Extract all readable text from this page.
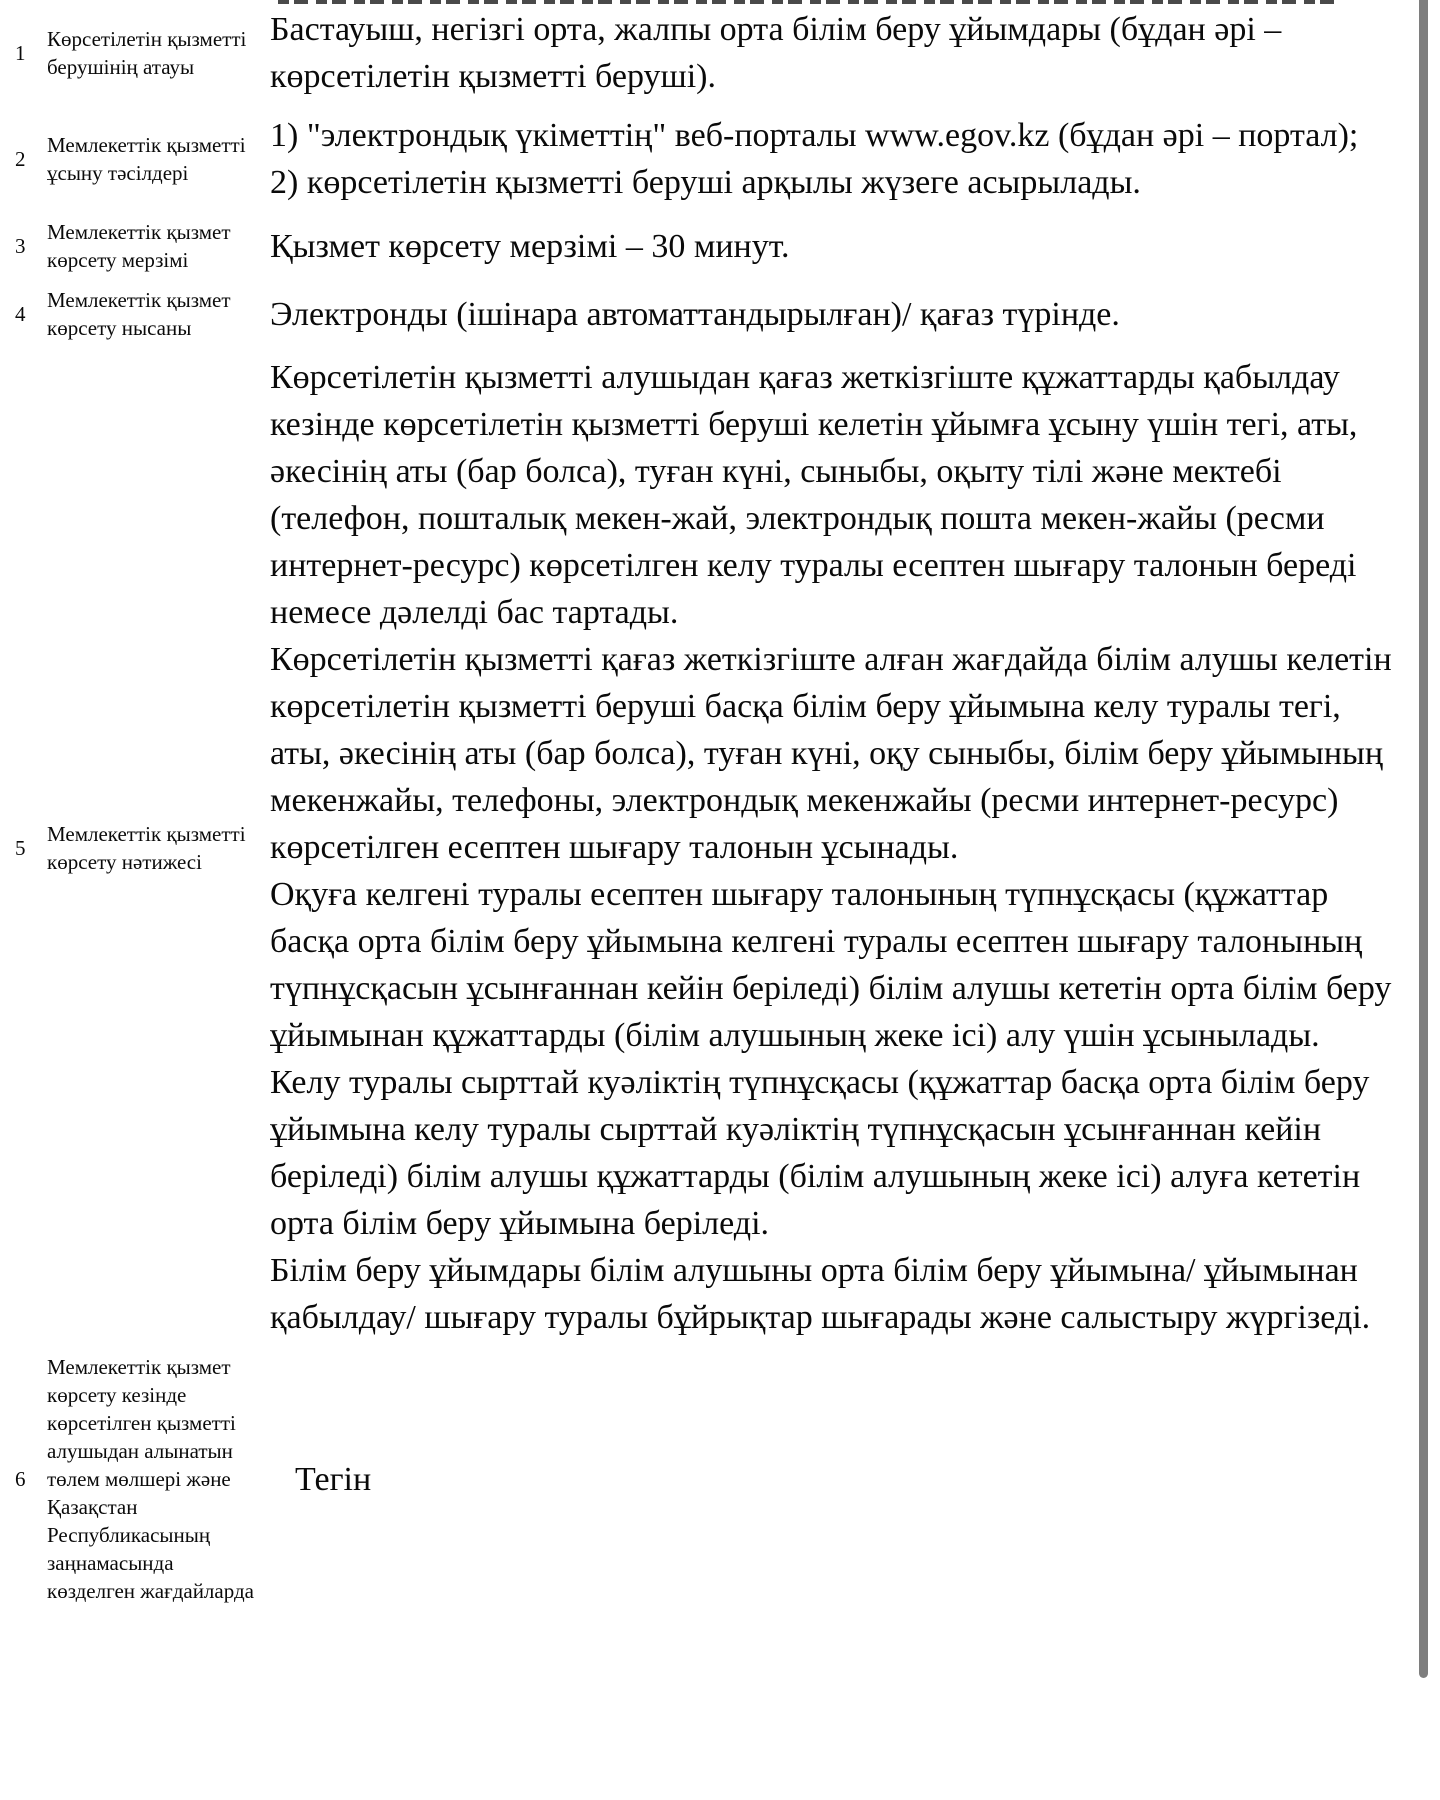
1
Көрсетілетін қызметті берушінің атауы

Бастауыш, негізгі орта, жалпы орта білім беру ұйымдары (бұдан әрі – көрсетілетін қызметті беруші).

2
Мемлекеттік қызметті ұсыну тәсілдері

1) "электрондық үкіметтің" веб-порталы www.egov.kz (бұдан әрі – портал);

2) көрсетілетін қызметті беруші арқылы жүзеге асырылады.

3
Мемлекеттік қызмет көрсету мерзімі	Қызмет көрсету мерзімі – 30 минут.

4
Мемлекеттік қызмет көрсету нысаны	Электронды (ішінара автоматтандырылған)/ қағаз түрінде.

5
Мемлекеттік қызметті көрсету нәтижесі

Көрсетілетін қызметті алушыдан қағаз жеткізгіште құжаттарды қабылдау кезінде көрсетілетін қызметті беруші келетін ұйымға ұсыну үшін тегі, аты, әкесінің аты (бар болса), туған күні, сыныбы, оқыту тілі және мектебі (телефон, пошталық мекен-жай, электрондық пошта мекен-жайы (ресми интернет-ресурс) көрсетілген келу туралы есептен шығару талонын береді немесе дәлелді бас тартады.

Көрсетілетін қызметті қағаз жеткізгіште алған жағдайда білім алушы келетін көрсетілетін қызметті беруші басқа білім беру ұйымына келу туралы тегі, аты, әкесінің аты (бар болса), туған күні, оқу сыныбы, білім беру ұйымының мекенжайы, телефоны, электрондық мекенжайы (ресми интернет-ресурс) көрсетілген есептен шығару талонын ұсынады.

Оқуға келгені туралы есептен шығару талонының түпнұсқасы (құжаттар басқа орта білім беру ұйымына келгені туралы есептен шығару талонының түпнұсқасын ұсынғаннан кейін беріледі) білім алушы кететін орта білім беру ұйымынан құжаттарды (білім алушының жеке ісі) алу үшін ұсынылады.

Келу туралы сырттай куәліктің түпнұсқасы (құжаттар басқа орта білім беру ұйымына келу туралы сырттай куәліктің түпнұсқасын ұсынғаннан кейін беріледі) білім алушы құжаттарды (білім алушының жеке ісі) алуға кететін орта білім беру ұйымына беріледі.

Білім беру ұйымдары білім алушыны орта білім беру ұйымына/ ұйымынан қабылдау/ шығару туралы бұйрықтар шығарады және салыстыру жүргізеді.

6
Мемлекеттік қызмет көрсету кезінде көрсетілген қызметті алушыдан алынатын төлем мөлшері және Қазақстан Республикасының заңнамасында көзделген жағдайларда

Тегін
